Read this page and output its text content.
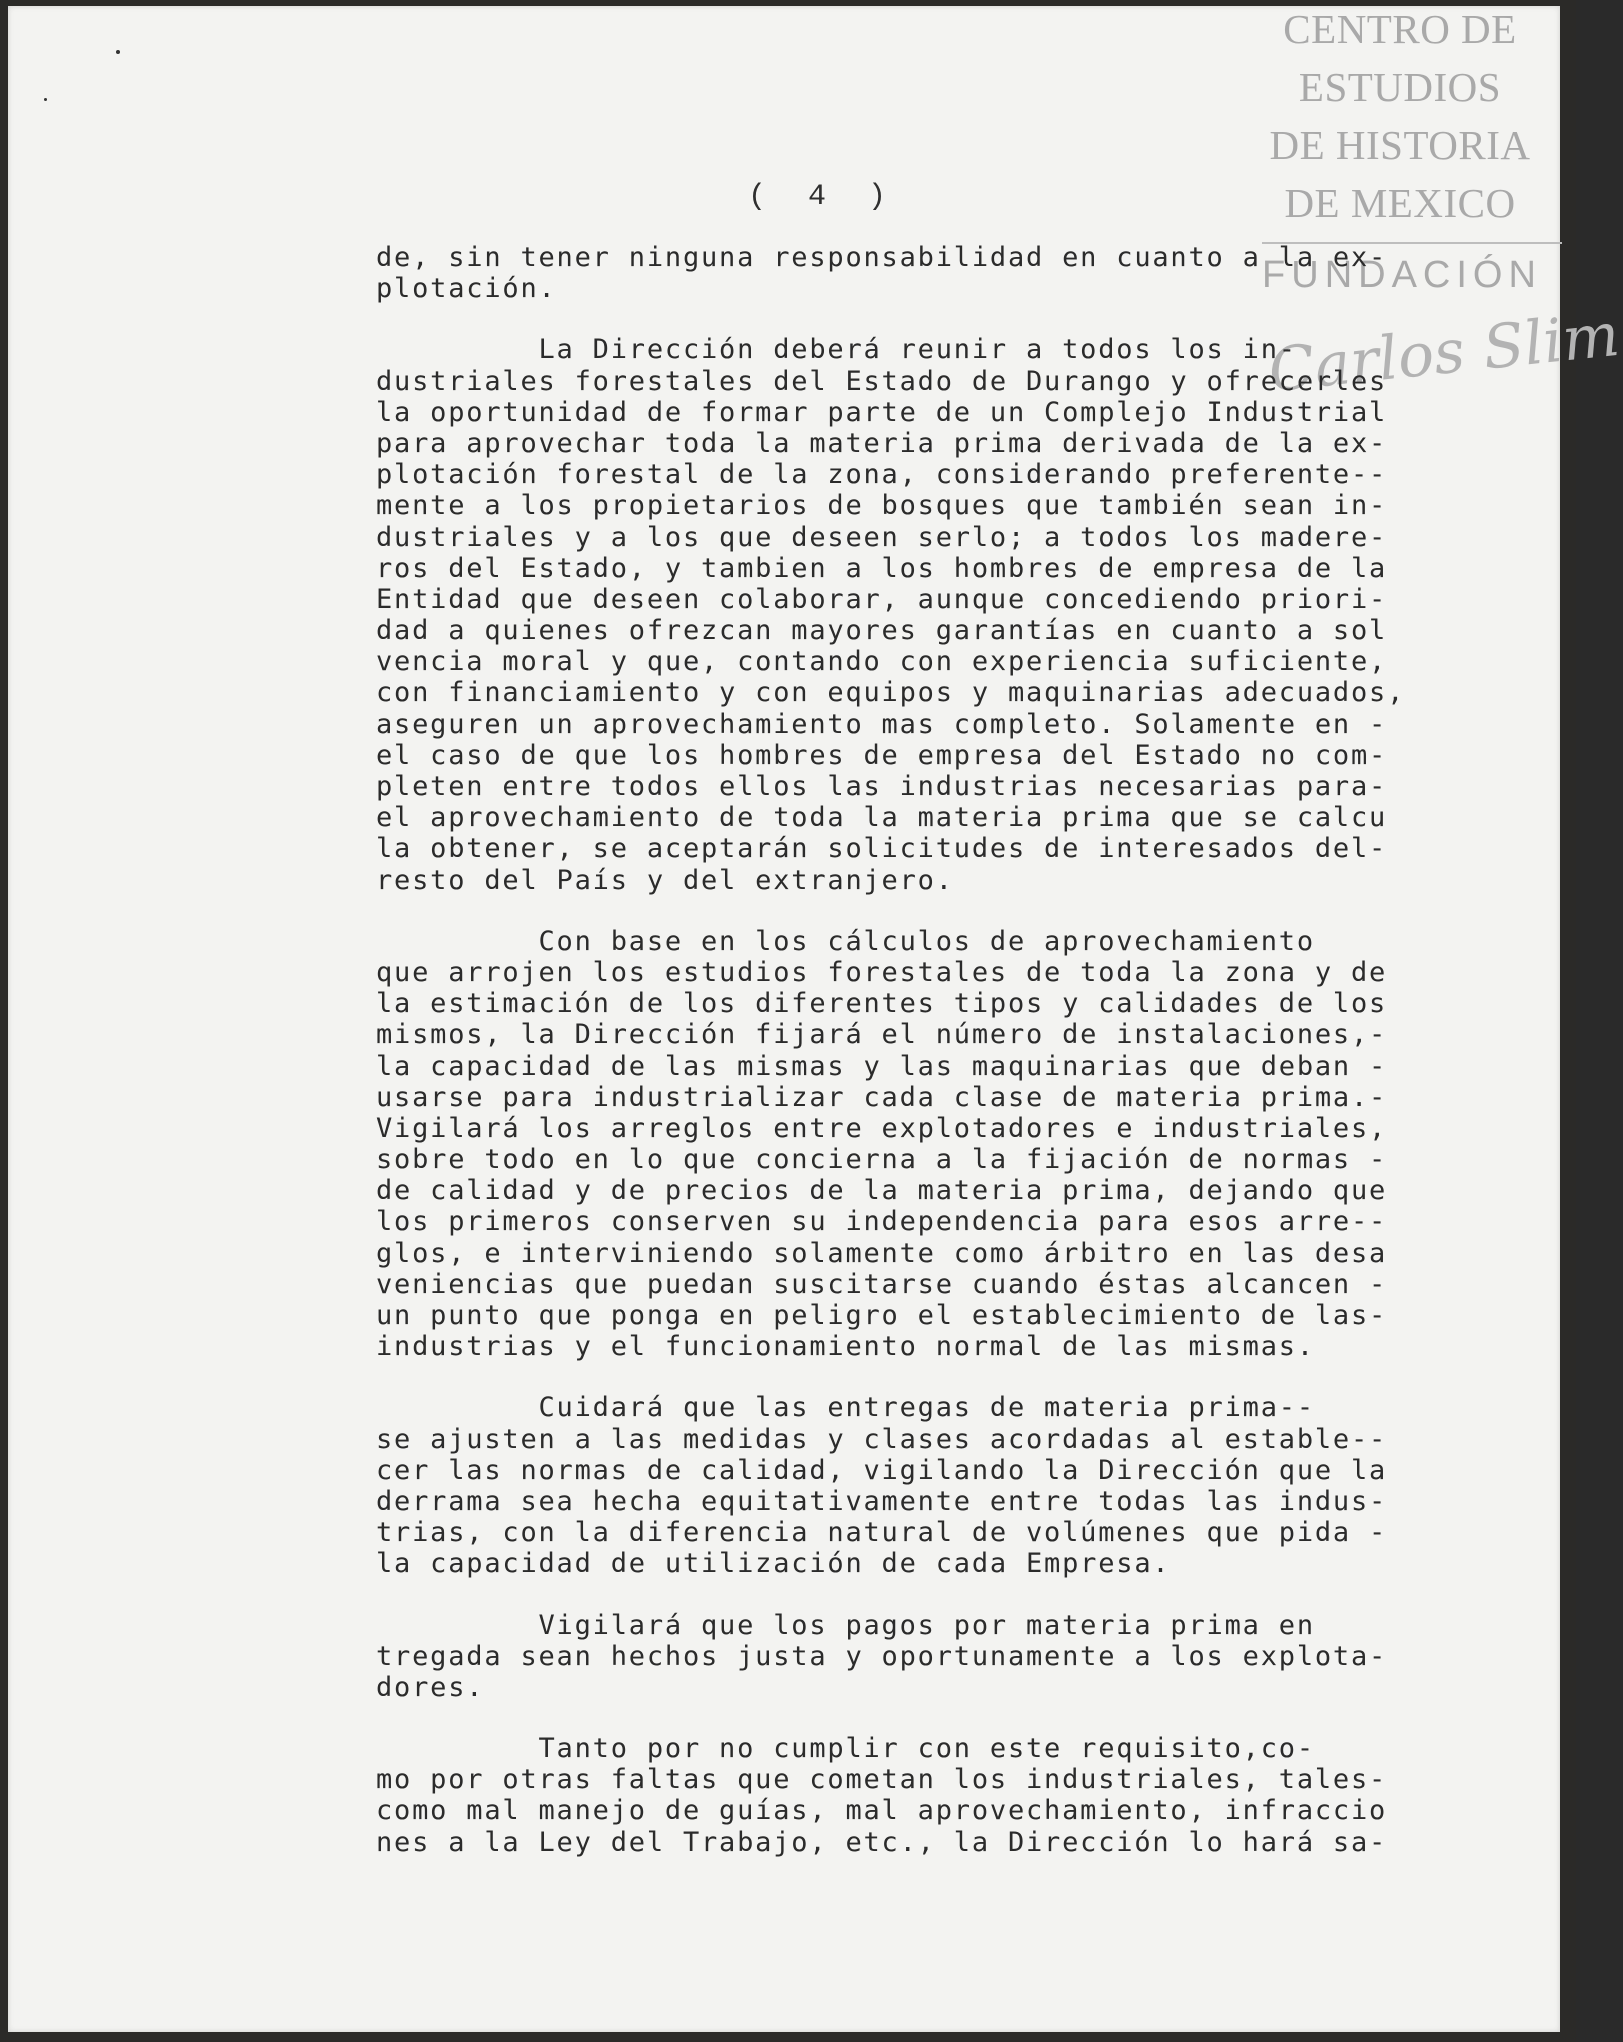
CENTRO DE
ESTUDIOS
DE HISTORIA
DE MEXICO
FUNDACIÓN
Carlos Slim
( 4 )
de, sin tener ninguna responsabilidad en cuanto a la ex-
plotación.
La Dirección deberá reunir a todos los in-
dustriales forestales del Estado de Durango y ofrecerles
la oportunidad de formar parte de un Complejo Industrial
para aprovechar toda la materia prima derivada de la ex-
plotación forestal de la zona, considerando preferente--
mente a los propietarios de bosques que también sean in-
dustriales y a los que deseen serlo; a todos los madere-
ros del Estado, y tambien a los hombres de empresa de la
Entidad que deseen colaborar, aunque concediendo priori-
dad a quienes ofrezcan mayores garantías en cuanto a sol
vencia moral y que, contando con experiencia suficiente,
con financiamiento y con equipos y maquinarias adecuados,
aseguren un aprovechamiento mas completo. Solamente en -
el caso de que los hombres de empresa del Estado no com-
pleten entre todos ellos las industrias necesarias para-
el aprovechamiento de toda la materia prima que se calcu
la obtener, se aceptarán solicitudes de interesados del-
resto del País y del extranjero.
Con base en los cálculos de aprovechamiento
que arrojen los estudios forestales de toda la zona y de
la estimación de los diferentes tipos y calidades de los
mismos, la Dirección fijará el número de instalaciones,-
la capacidad de las mismas y las maquinarias que deban -
usarse para industrializar cada clase de materia prima.-
Vigilará los arreglos entre explotadores e industriales,
sobre todo en lo que concierna a la fijación de normas -
de calidad y de precios de la materia prima, dejando que
los primeros conserven su independencia para esos arre--
glos, e interviniendo solamente como árbitro en las desa
veniencias que puedan suscitarse cuando éstas alcancen -
un punto que ponga en peligro el establecimiento de las-
industrias y el funcionamiento normal de las mismas.
Cuidará que las entregas de materia prima--
se ajusten a las medidas y clases acordadas al estable--
cer las normas de calidad, vigilando la Dirección que la
derrama sea hecha equitativamente entre todas las indus-
trias, con la diferencia natural de volúmenes que pida -
la capacidad de utilización de cada Empresa.
Vigilará que los pagos por materia prima en
tregada sean hechos justa y oportunamente a los explota-
dores.
Tanto por no cumplir con este requisito,co-
mo por otras faltas que cometan los industriales, tales-
como mal manejo de guías, mal aprovechamiento, infraccio
nes a la Ley del Trabajo, etc., la Dirección lo hará sa-
